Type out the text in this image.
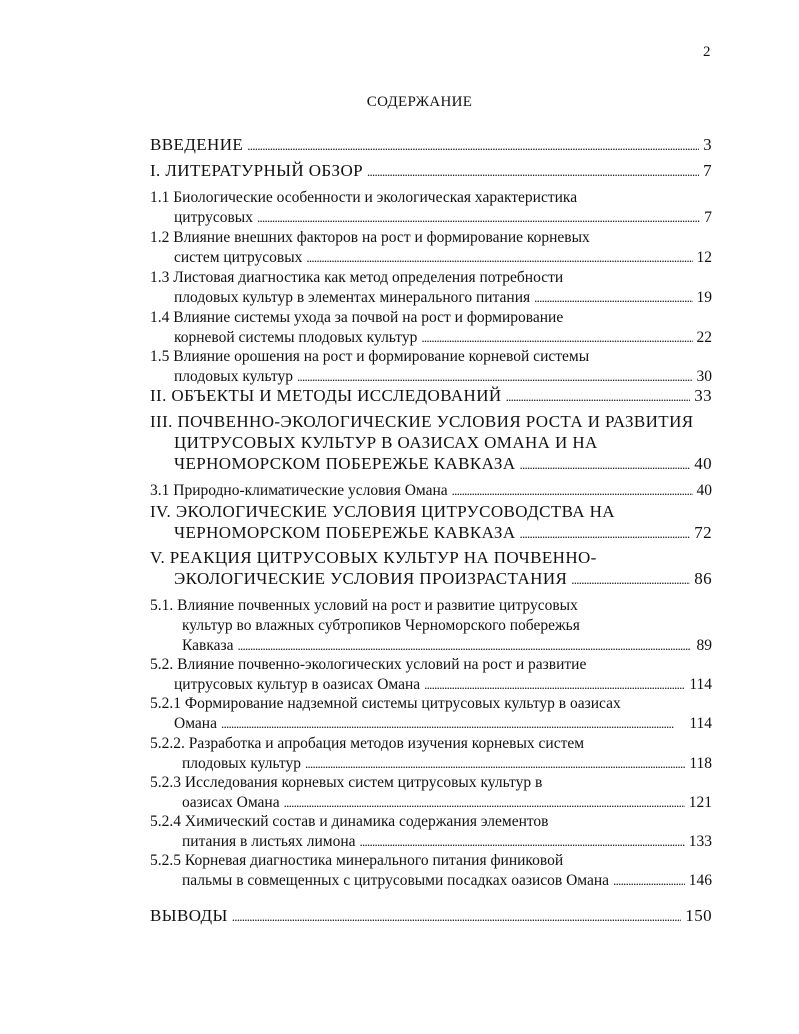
2
СОДЕРЖАНИЕ
ВВЕДЕНИЕ . . .	3
I. ЛИТЕРАТУРНЫЙ ОБЗОР . . .	7
1.1 Биологические особенности и экологическая характеристика
цитрусовых . . .	7
1.2 Влияние внешних факторов на рост и формирование корневых
систем цитрусовых . . .	12
1.3 Листовая диагностика как метод определения потребности
плодовых культур в элементах минерального питания . . .	19
1.4 Влияние системы ухода за почвой на рост и формирование
корневой системы плодовых культур . . .	22
1.5 Влияние орошения на рост и формирование корневой системы
плодовых культур . . .	30
II. ОБЪЕКТЫ И МЕТОДЫ ИССЛЕДОВАНИЙ . . .	33
III. ПОЧВЕННО-ЭКОЛОГИЧЕСКИЕ УСЛОВИЯ РОСТА И РАЗВИТИЯ
ЦИТРУСОВЫХ КУЛЬТУР В ОАЗИСАХ ОМАНА И НА
ЧЕРНОМОРСКОМ ПОБЕРЕЖЬЕ КАВКАЗА . . .	40
3.1 Природно-климатические условия Омана . . .	40
IV. ЭКОЛОГИЧЕСКИЕ УСЛОВИЯ ЦИТРУСОВОДСТВА НА
ЧЕРНОМОРСКОМ ПОБЕРЕЖЬЕ КАВКАЗА . . .	72
V. РЕАКЦИЯ ЦИТРУСОВЫХ КУЛЬТУР НА ПОЧВЕННО-
ЭКОЛОГИЧЕСКИЕ УСЛОВИЯ ПРОИЗРАСТАНИЯ . . .	86
5.1. Влияние почвенных условий на рост и развитие цитрусовых
культур во влажных субтропиков Черноморского побережья
Кавказа . . .	89
5.2. Влияние почвенно-экологических условий на рост и развитие
цитрусовых культур в оазисах Омана . . .	114
5.2.1 Формирование надземной системы цитрусовых культур в оазисах
Омана . . .	114
5.2.2. Разработка и апробация методов изучения корневых систем
плодовых культур . . .	118
5.2.3 Исследования корневых систем цитрусовых культур в
оазисах Омана . . .	121
5.2.4 Химический состав и динамика содержания элементов
питания в листьях лимона . . .	133
5.2.5 Корневая диагностика минерального питания финиковой
пальмы в совмещенных с цитрусовыми посадках оазисов Омана . . .	146
ВЫВОДЫ . . .	150
